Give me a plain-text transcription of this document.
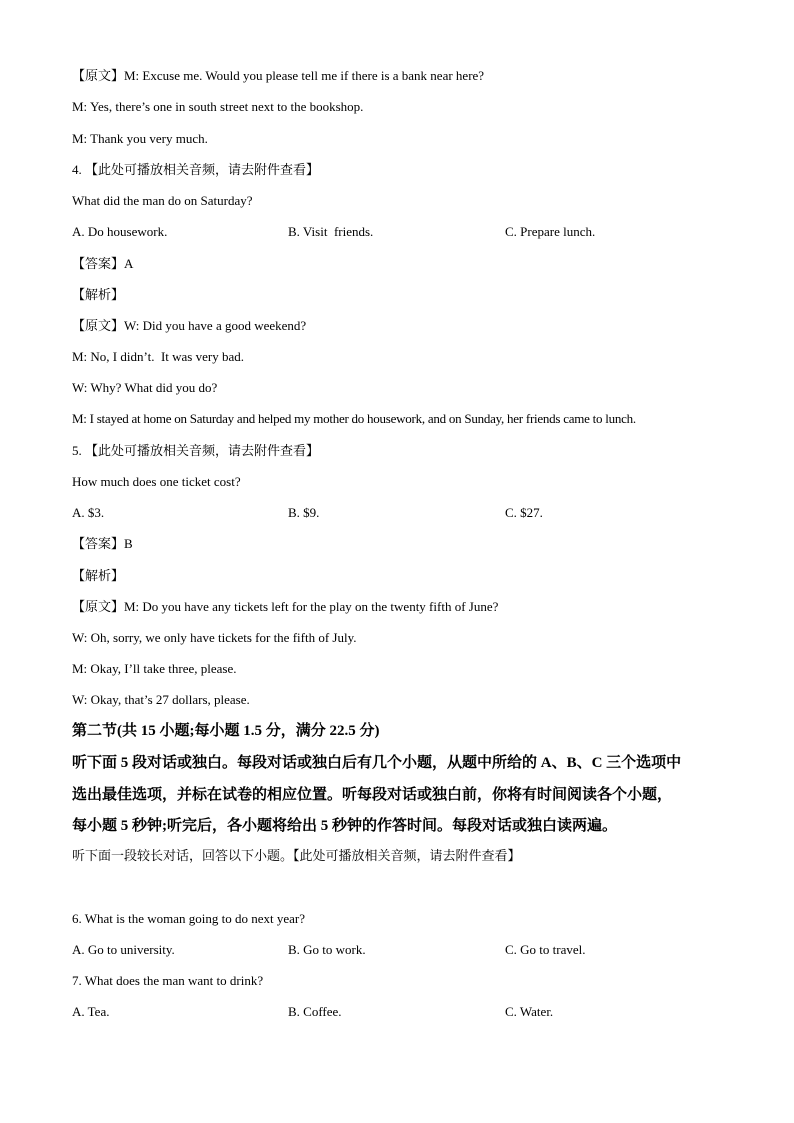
【原文】M: Excuse me. Would you please tell me if there is a bank near here?
M: Yes, there’s one in south street next to the bookshop.
M: Thank you very much.
4. 【此处可播放相关音频，请去附件查看】
What did the man do on Saturday?
A. Do housework.	B. Visit  friends.	C. Prepare lunch.
【答案】A
【解析】
【原文】W: Did you have a good weekend?
M: No, I didn’t.  It was very bad.
W: Why? What did you do?
M: I stayed at home on Saturday and helped my mother do housework, and on Sunday, her friends came to lunch.
5. 【此处可播放相关音频，请去附件查看】
How much does one ticket cost?
A. $3.	B. $9.	C. $27.
【答案】B
【解析】
【原文】M: Do you have any tickets left for the play on the twenty fifth of June?
W: Oh, sorry, we only have tickets for the fifth of July.
M: Okay, I’ll take three, please.
W: Okay, that’s 27 dollars, please.
第二节(共 15 小题;每小题 1.5 分，满分 22.5 分)
听下面 5 段对话或独白。每段对话或独白后有几个小题，从题中所给的 A、B、C 三个选项中
选出最佳选项，并标在试卷的相应位置。听每段对话或独白前，你将有时间阅读各个小题，
每小题 5 秒钟;听完后，各小题将给出 5 秒钟的作答时间。每段对话或独白读两遍。
听下面一段较长对话，回答以下小题。【此处可播放相关音频，请去附件查看】
6. What is the woman going to do next year?
A. Go to university.	B. Go to work.	C. Go to travel.
7. What does the man want to drink?
A. Tea.	B. Coffee.	C. Water.
